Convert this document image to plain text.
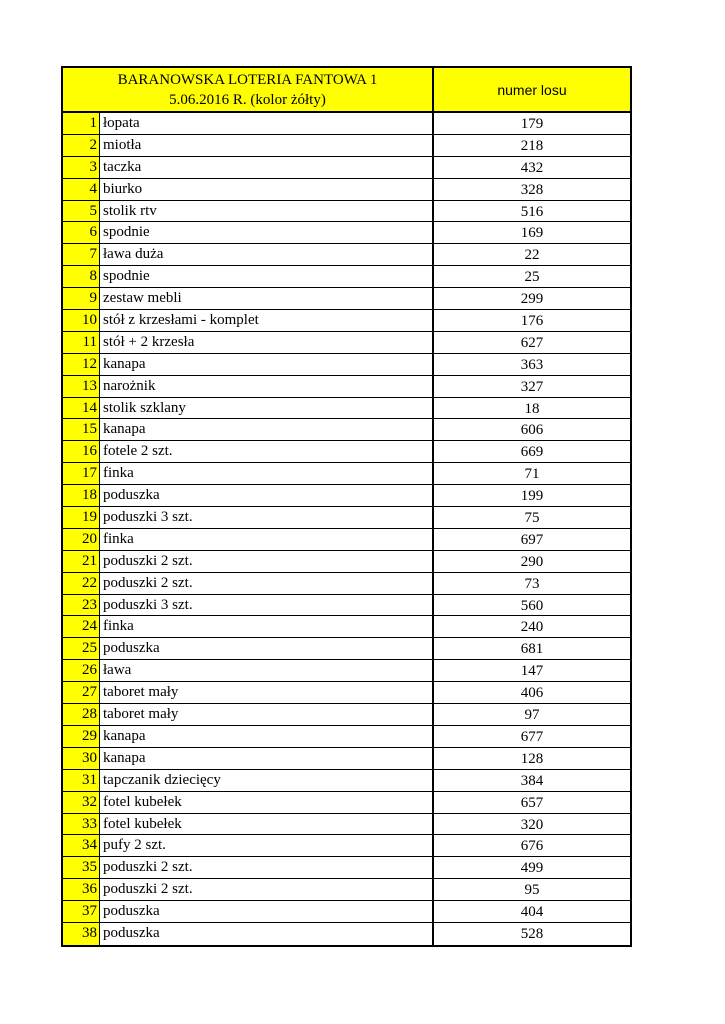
BARANOWSKA LOTERIA FANTOWA 1
5.06.2016 R. (kolor żółty)
numer losu
1 łopata	179
2 miotła	218
3 taczka	432
4 biurko	328
5 stolik rtv	516
6 spodnie	169
7 ława duża	22
8 spodnie	25
9 zestaw mebli	299
10 stół z krzesłami - komplet	176
11 stół + 2 krzesła	627
12 kanapa	363
13 narożnik	327
14 stolik szklany	18
15 kanapa	606
16 fotele 2 szt.	669
17 finka	71
18 poduszka	199
19 poduszki 3 szt.	75
20 finka	697
21 poduszki 2 szt.	290
22 poduszki 2 szt.	73
23 poduszki 3 szt.	560
24 finka	240
25 poduszka	681
26 ława	147
27 taboret mały	406
28 taboret mały	97
29 kanapa	677
30 kanapa	128
31 tapczanik dziecięcy	384
32 fotel kubełek	657
33 fotel kubełek	320
34 pufy 2 szt.	676
35 poduszki 2 szt.	499
36 poduszki 2 szt.	95
37 poduszka	404
38 poduszka	528
